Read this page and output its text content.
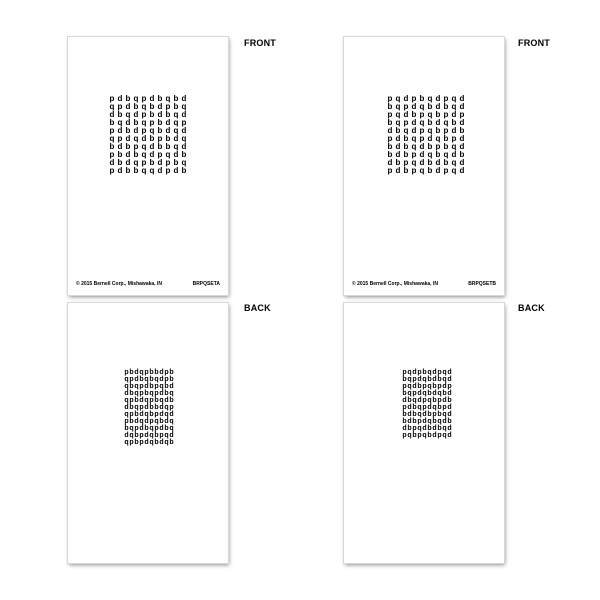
p d b q p d b q b d
q p d b q b d p b q
d b q d p b d b q d
b q d b q p b d q p
p d b d p q b d q d
q p d q d b p b d q
b d b p q d b b q d
p b d b q d p q d b
d b d q p b d p b q
p d b b q q d p d b
© 2015 Bernell Corp., Mishawaka, IN	BRPQSETA
FRONT
p q d p b q d p q d
b q p d q b d b q d
p q d b p q b p d p
b q p d q b d q b d
d b q d p q b p d b
p d b q p d q b p d
b d b q d b p b q d
b d b p d q b q d b
d b p q d b d b q d
p d b p q b d p q d
© 2015 Bernell Corp., Mishawaka, IN	BRPQSETB
FRONT
p b d q p b b d p b
q p d b q b q d p b
q b q p d b p q b d
d b q p b q p d b q
q p b d q p b q d b
d b q p d b b d q p
q p b d q b p d q d
p b d q d p q b d q
b q p d b q p d b q
d q b p d q b p q d
q p b p d q b d q b
BACK
p q d p b q d p q d
b q p d q b d b q d
p q d b p q b p d p
b q p d q b d q b d
d b q d p q b p d b
p d b q p d q b p d
b d b q d b p b q d
b d b p d q b q d b
d b p q d b d b q d
p q b p q b d p q d
BACK
